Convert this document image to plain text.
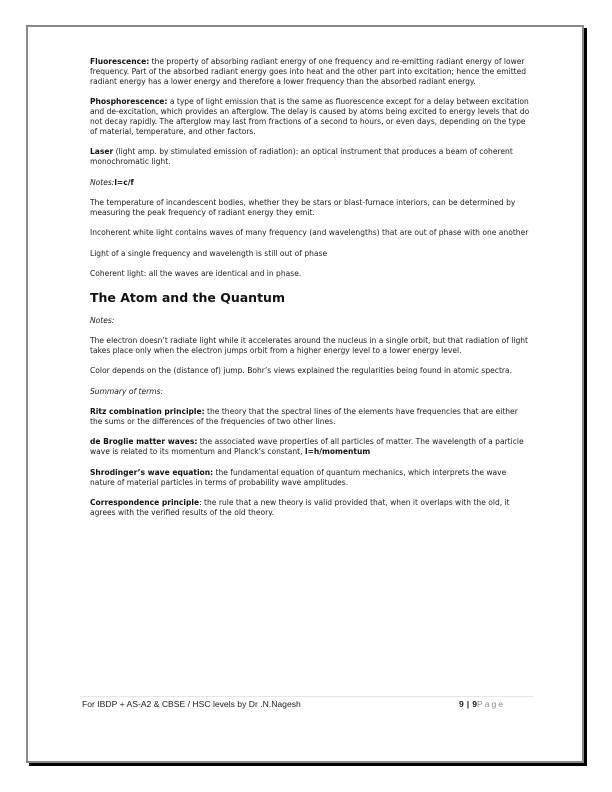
Fluorescence: the property of absorbing radiant energy of one frequency and re-emitting radiant energy of lower frequency. Part of the absorbed radiant energy goes into heat and the other part into excitation; hence the emitted radiant energy has a lower energy and therefore a lower frequency than the absorbed radiant energy.

Phosphorescence: a type of light emission that is the same as fluorescence except for a delay between excitation and de-excitation, which provides an afterglow. The delay is caused by atoms being excited to energy levels that do not decay rapidly. The afterglow may last from fractions of a second to hours, or even days, depending on the type of material, temperature, and other factors.

Laser (light amp. by stimulated emission of radiation): an optical instrument that produces a beam of coherent monochromatic light.

Notes:l=c/f

The temperature of incandescent bodies, whether they be stars or blast-furnace interiors, can be determined by measuring the peak frequency of radiant energy they emit.

Incoherent white light contains waves of many frequency (and wavelengths) that are out of phase with one another

Light of a single frequency and wavelength is still out of phase

Coherent light: all the waves are identical and in phase.

The Atom and the Quantum

Notes:

The electron doesn’t radiate light while it accelerates around the nucleus in a single orbit, but that radiation of light takes place only when the electron jumps orbit from a higher energy level to a lower energy level.

Color depends on the (distance of) jump. Bohr’s views explained the regularities being found in atomic spectra.

Summary of terms:

Ritz combination principle: the theory that the spectral lines of the elements have frequencies that are either the sums or the differences of the frequencies of two other lines.

de Broglie matter waves: the associated wave properties of all particles of matter. The wavelength of a particle wave is related to its momentum and Planck’s constant, l=h/momentum

Shrodinger’s wave equation: the fundamental equation of quantum mechanics, which interprets the wave nature of material particles in terms of probability wave amplitudes.

Correspondence principle: the rule that a new theory is valid provided that, when it overlaps with the old, it agrees with the verified results of the old theory.

For IBDP + AS-A2 & CBSE / HSC levels by Dr .N.Nagesh	9 | 9Page
